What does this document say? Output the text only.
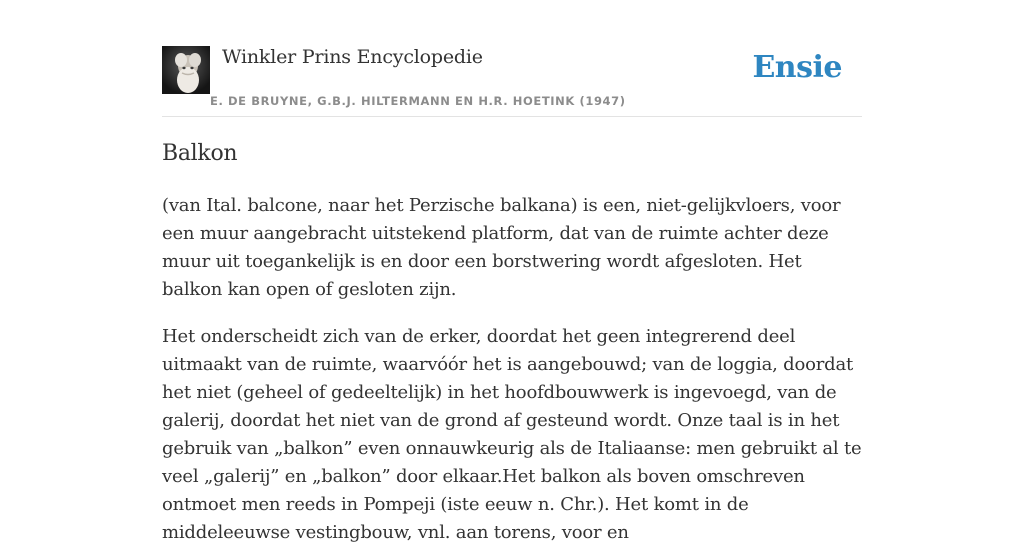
Winkler Prins Encyclopedie
E. DE BRUYNE, G.B.J. HILTERMANN EN H.R. HOETINK (1947)
Ensie
Balkon

(van Ital. balcone, naar het Perzische balkana) is een, niet-gelijkvloers, voor een muur aangebracht uitstekend platform, dat van de ruimte achter deze muur uit toegankelijk is en door een borstwering wordt afgesloten. Het balkon kan open of gesloten zijn.

Het onderscheidt zich van de erker, doordat het geen integrerend deel uitmaakt van de ruimte, waarvóór het is aangebouwd; van de loggia, doordat het niet (geheel of gedeeltelijk) in het hoofdbouwwerk is ingevoegd, van de galerij, doordat het niet van de grond af gesteund wordt. Onze taal is in het gebruik van „balkon” even onnauwkeurig als de Italiaanse: men gebruikt al te veel „galerij” en „balkon” door elkaar.Het balkon als boven omschreven ontmoet men reeds in Pompeji (iste eeuw n. Chr.). Het komt in de middeleeuwse vestingbouw, vnl. aan torens, voor en
